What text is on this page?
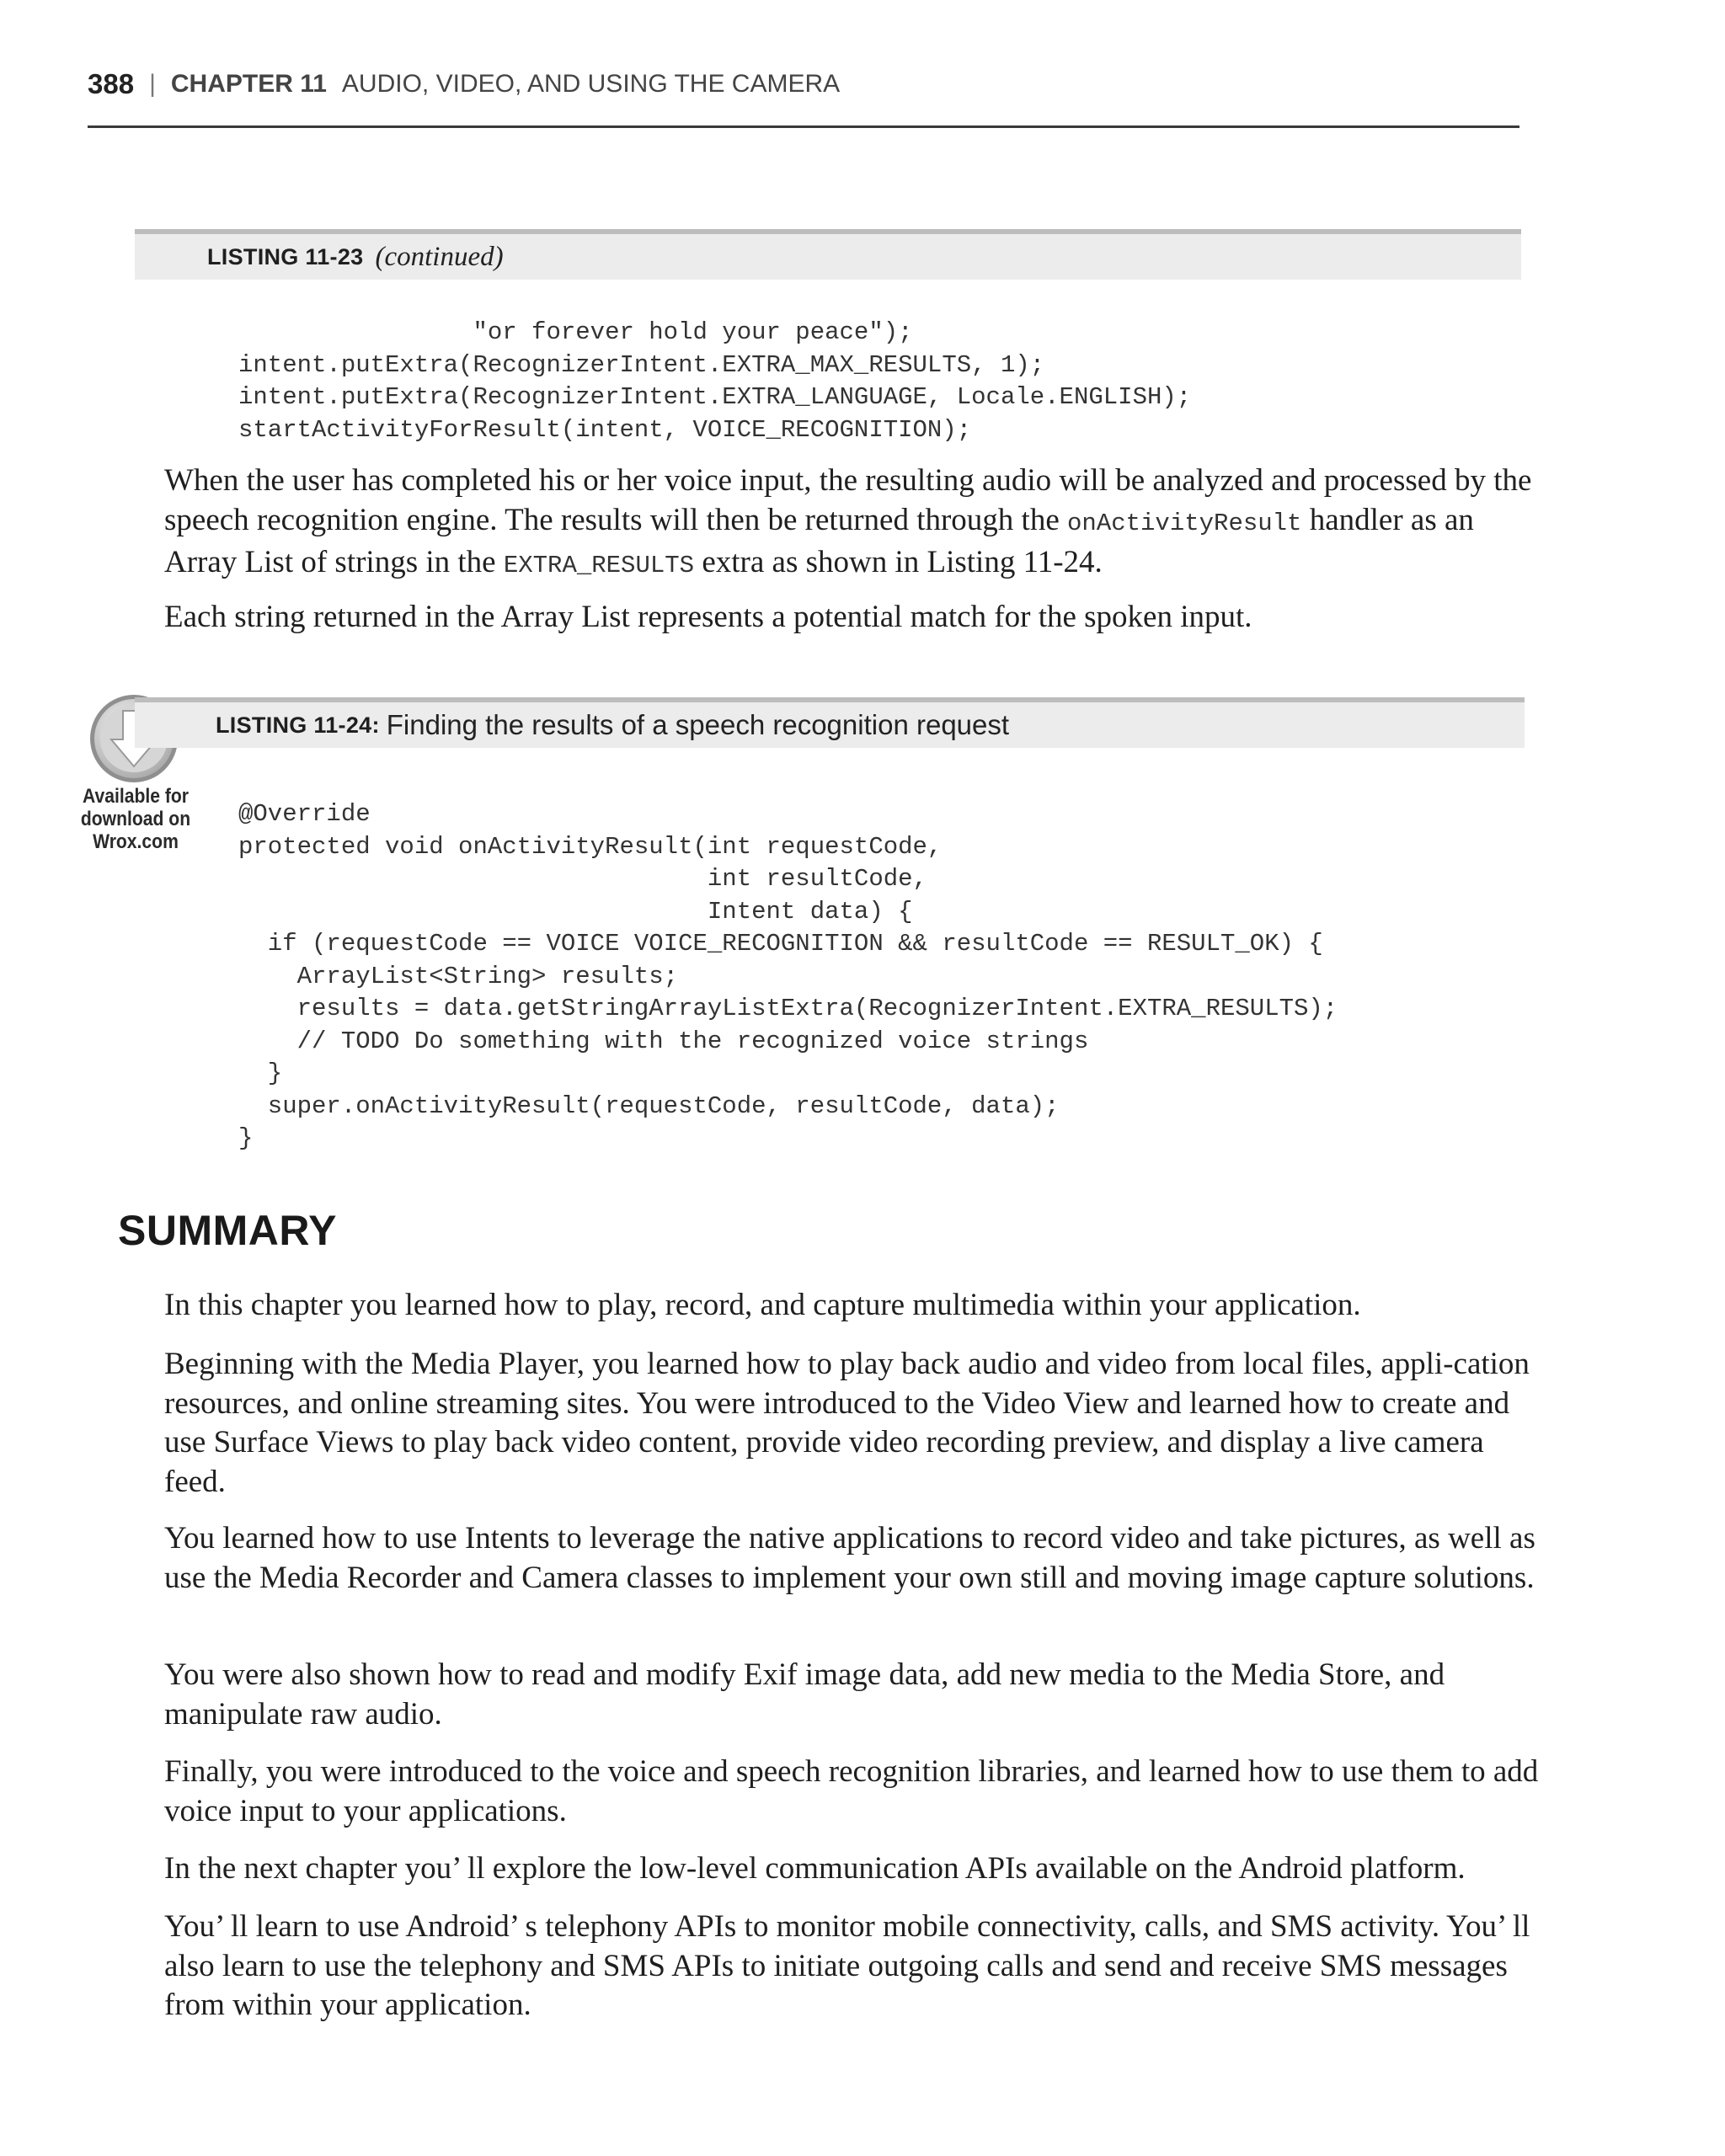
388 | CHAPTER 11 AUDIO, VIDEO, AND USING THE CAMERA
LISTING 11-23 (continued)
"or forever hold your peace");
intent.putExtra(RecognizerIntent.EXTRA_MAX_RESULTS, 1);
intent.putExtra(RecognizerIntent.EXTRA_LANGUAGE, Locale.ENGLISH);
startActivityForResult(intent, VOICE_RECOGNITION);

When the user has completed his or her voice input, the resulting audio will be analyzed and processed by the speech recognition engine. The results will then be returned through the onActivityResult handler as an Array List of strings in the EXTRA_RESULTS extra as shown in Listing 11-24.

Each string returned in the Array List represents a potential match for the spoken input.

Available for
download on
Wrox.com
LISTING 11-24: Finding the results of a speech recognition request
@Override
protected void onActivityResult(int requestCode,
int resultCode,
Intent data) {
if (requestCode == VOICE VOICE_RECOGNITION && resultCode == RESULT_OK) {
ArrayList<String> results;
results = data.getStringArrayListExtra(RecognizerIntent.EXTRA_RESULTS);
// TODO Do something with the recognized voice strings
}
super.onActivityResult(requestCode, resultCode, data);
}
SUMMARY

In this chapter you learned how to play, record, and capture multimedia within your application.

Beginning with the Media Player, you learned how to play back audio and video from local files, appli-cation resources, and online streaming sites. You were introduced to the Video View and learned how to create and use Surface Views to play back video content, provide video recording preview, and display a live camera feed.

You learned how to use Intents to leverage the native applications to record video and take pictures, as well as use the Media Recorder and Camera classes to implement your own still and moving image capture solutions.

You were also shown how to read and modify Exif image data, add new media to the Media Store, and manipulate raw audio.

Finally, you were introduced to the voice and speech recognition libraries, and learned how to use them to add voice input to your applications.

In the next chapter you’ ll explore the low-level communication APIs available on the Android platform.

You’ ll learn to use Android’ s telephony APIs to monitor mobile connectivity, calls, and SMS activity. You’ ll also learn to use the telephony and SMS APIs to initiate outgoing calls and send and receive SMS messages from within your application.
